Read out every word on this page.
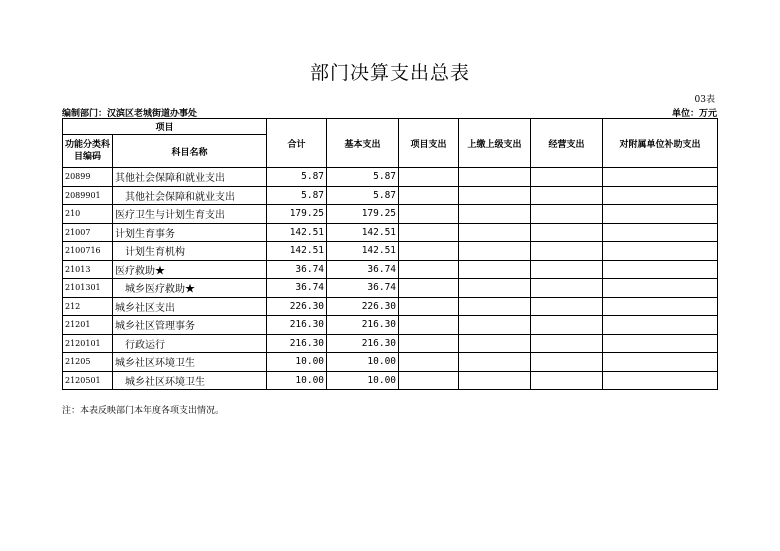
部门决算支出总表
03表
编制部门：汉滨区老城街道办事处	单位：万元
项目		合计	基本支出	项目支出	上缴上级支出	经营支出	对附属单位补助支出
功能分类科目编码	科目名称						
20899	其他社会保障和就业支出	5.87	5.87				
2089901	其他社会保障和就业支出	5.87	5.87				
210	医疗卫生与计划生育支出	179.25	179.25				
21007	计划生育事务	142.51	142.51				
2100716	计划生育机构	142.51	142.51				
21013	医疗救助★	36.74	36.74				
2101301	城乡医疗救助★	36.74	36.74				
212	城乡社区支出	226.30	226.30				
21201	城乡社区管理事务	216.30	216.30				
2120101	行政运行	216.30	216.30				
21205	城乡社区环境卫生	10.00	10.00				
2120501	城乡社区环境卫生	10.00	10.00				
注：本表反映部门本年度各项支出情况。
